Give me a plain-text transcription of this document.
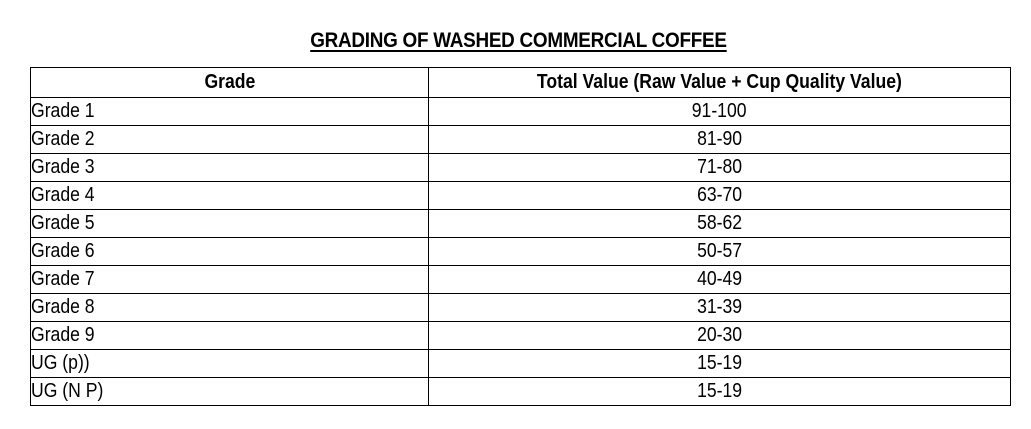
GRADING OF WASHED COMMERCIAL COFFEE
Grade	Total Value (Raw Value + Cup Quality Value)
Grade 1	91-100
Grade 2	81-90
Grade 3	71-80
Grade 4	63-70
Grade 5	58-62
Grade 6	50-57
Grade 7	40-49
Grade 8	31-39
Grade 9	20-30
UG (p))	15-19
UG (N P)	15-19
